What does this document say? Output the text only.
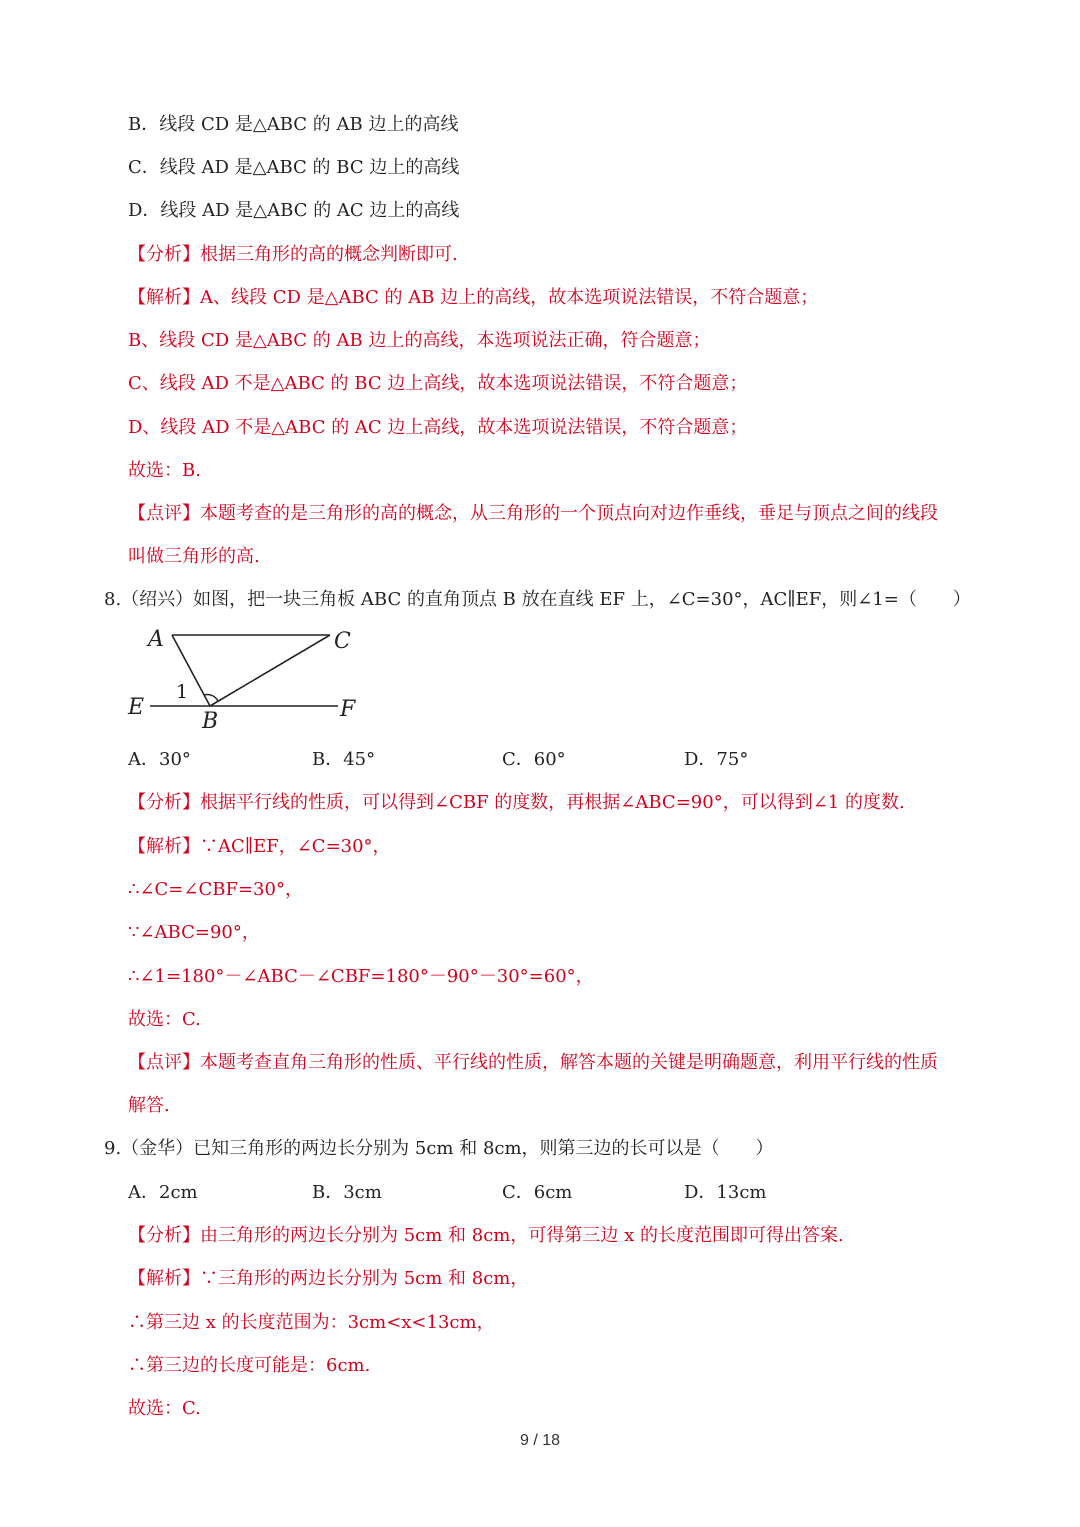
B．线段 CD 是△ABC 的 AB 边上的高线
C．线段 AD 是△ABC 的 BC 边上的高线
D．线段 AD 是△ABC 的 AC 边上的高线
【分析】根据三角形的高的概念判断即可.
【解析】A、线段 CD 是△ABC 的 AB 边上的高线，故本选项说法错误，不符合题意；
B、线段 CD 是△ABC 的 AB 边上的高线，本选项说法正确，符合题意；
C、线段 AD 不是△ABC 的 BC 边上高线，故本选项说法错误，不符合题意；
D、线段 AD 不是△ABC 的 AC 边上高线，故本选项说法错误，不符合题意；
故选：B.
【点评】本题考查的是三角形的高的概念，从三角形的一个顶点向对边作垂线，垂足与顶点之间的线段
叫做三角形的高.
8.（绍兴）如图，把一块三角板 ABC 的直角顶点 B 放在直线 EF 上，∠C=30°，AC∥EF，则∠1=（　　）
A	C
E
B	F
1
A．30°	B．45°	C．60°	D．75°
【分析】根据平行线的性质，可以得到∠CBF 的度数，再根据∠ABC=90°，可以得到∠1 的度数.
【解析】∵AC∥EF，∠C=30°，
∴∠C=∠CBF=30°，
∵∠ABC=90°，
∴∠1=180°－∠ABC－∠CBF=180°－90°－30°=60°，
故选：C.
【点评】本题考查直角三角形的性质、平行线的性质，解答本题的关键是明确题意，利用平行线的性质
解答.
9.（金华）已知三角形的两边长分别为 5cm 和 8cm，则第三边的长可以是（　　）
A．2cm	B．3cm	C．6cm	D．13cm
【分析】由三角形的两边长分别为 5cm 和 8cm，可得第三边 x 的长度范围即可得出答案.
【解析】∵三角形的两边长分别为 5cm 和 8cm，
∴第三边 x 的长度范围为：3cm<x<13cm，
∴第三边的长度可能是：6cm.
故选：C.
9 / 18
